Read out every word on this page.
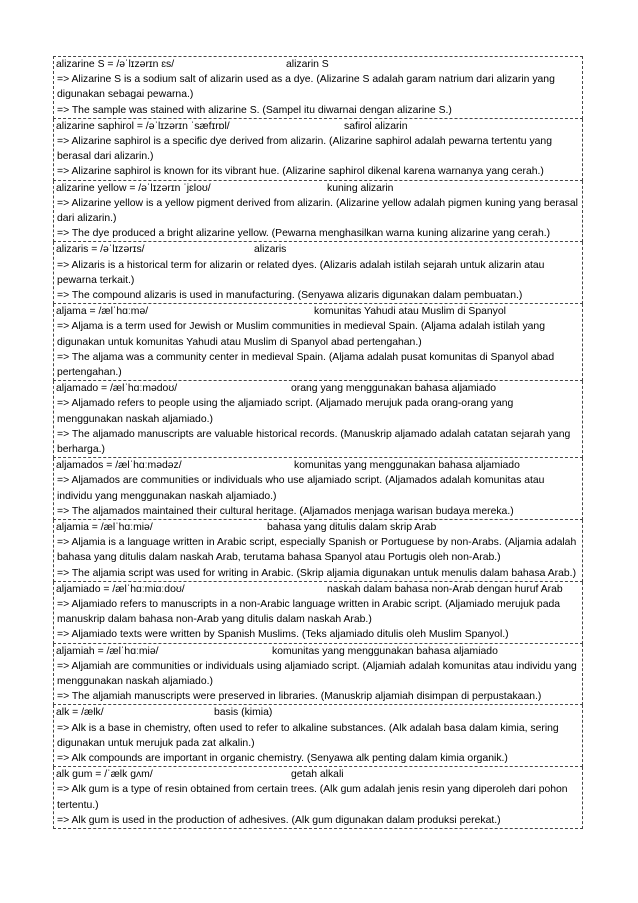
alizarine S = /əˈlɪzərɪn ɛs/	alizarin S
=> Alizarine S is a sodium salt of alizarin used as a dye. (Alizarine S adalah garam natrium dari alizarin yang digunakan sebagai pewarna.)
=> The sample was stained with alizarine S. (Sampel itu diwarnai dengan alizarine S.)
alizarine saphirol = /əˈlɪzərɪn ˈsæfɪrɒl/	safirol alizarin
=> Alizarine saphirol is a specific dye derived from alizarin. (Alizarine saphirol adalah pewarna tertentu yang berasal dari alizarin.)
=> Alizarine saphirol is known for its vibrant hue. (Alizarine saphirol dikenal karena warnanya yang cerah.)
alizarine yellow = /əˈlɪzərɪn ˈjɛloʊ/	kuning alizarin
=> Alizarine yellow is a yellow pigment derived from alizarin. (Alizarine yellow adalah pigmen kuning yang berasal dari alizarin.)
=> The dye produced a bright alizarine yellow. (Pewarna menghasilkan warna kuning alizarine yang cerah.)
alizaris = /əˈlɪzərɪs/	alizaris
=> Alizaris is a historical term for alizarin or related dyes. (Alizaris adalah istilah sejarah untuk alizarin atau pewarna terkait.)
=> The compound alizaris is used in manufacturing. (Senyawa alizaris digunakan dalam pembuatan.)
aljama = /ælˈhɑːmə/	komunitas Yahudi atau Muslim di Spanyol
=> Aljama is a term used for Jewish or Muslim communities in medieval Spain. (Aljama adalah istilah yang digunakan untuk komunitas Yahudi atau Muslim di Spanyol abad pertengahan.)
=> The aljama was a community center in medieval Spain. (Aljama adalah pusat komunitas di Spanyol abad pertengahan.)
aljamado = /ælˈhɑːmədoʊ/	orang yang menggunakan bahasa aljamiado
=> Aljamado refers to people using the aljamiado script. (Aljamado merujuk pada orang-orang yang menggunakan naskah aljamiado.)
=> The aljamado manuscripts are valuable historical records. (Manuskrip aljamado adalah catatan sejarah yang berharga.)
aljamados = /ælˈhɑːmədəz/	komunitas yang menggunakan bahasa aljamiado
=> Aljamados are communities or individuals who use aljamiado script. (Aljamados adalah komunitas atau individu yang menggunakan naskah aljamiado.)
=> The aljamados maintained their cultural heritage. (Aljamados menjaga warisan budaya mereka.)
aljamia = /ælˈhɑːmiə/	bahasa yang ditulis dalam skrip Arab
=> Aljamia is a language written in Arabic script, especially Spanish or Portuguese by non-Arabs. (Aljamia adalah bahasa yang ditulis dalam naskah Arab, terutama bahasa Spanyol atau Portugis oleh non-Arab.)
=> The aljamia script was used for writing in Arabic. (Skrip aljamia digunakan untuk menulis dalam bahasa Arab.)
aljamiado = /ælˈhɑːmiɑːdoʊ/	naskah dalam bahasa non-Arab dengan huruf Arab
=> Aljamiado refers to manuscripts in a non-Arabic language written in Arabic script. (Aljamiado merujuk pada manuskrip dalam bahasa non-Arab yang ditulis dalam naskah Arab.)
=> Aljamiado texts were written by Spanish Muslims. (Teks aljamiado ditulis oleh Muslim Spanyol.)
aljamiah = /ælˈhɑːmiə/	komunitas yang menggunakan bahasa aljamiado
=> Aljamiah are communities or individuals using aljamiado script. (Aljamiah adalah komunitas atau individu yang menggunakan naskah aljamiado.)
=> The aljamiah manuscripts were preserved in libraries. (Manuskrip aljamiah disimpan di perpustakaan.)
alk = /ælk/	basis (kimia)
=> Alk is a base in chemistry, often used to refer to alkaline substances. (Alk adalah basa dalam kimia, sering digunakan untuk merujuk pada zat alkalin.)
=> Alk compounds are important in organic chemistry. (Senyawa alk penting dalam kimia organik.)
alk gum = /ˈælk ɡʌm/	getah alkali
=> Alk gum is a type of resin obtained from certain trees. (Alk gum adalah jenis resin yang diperoleh dari pohon tertentu.)
=> Alk gum is used in the production of adhesives. (Alk gum digunakan dalam produksi perekat.)
